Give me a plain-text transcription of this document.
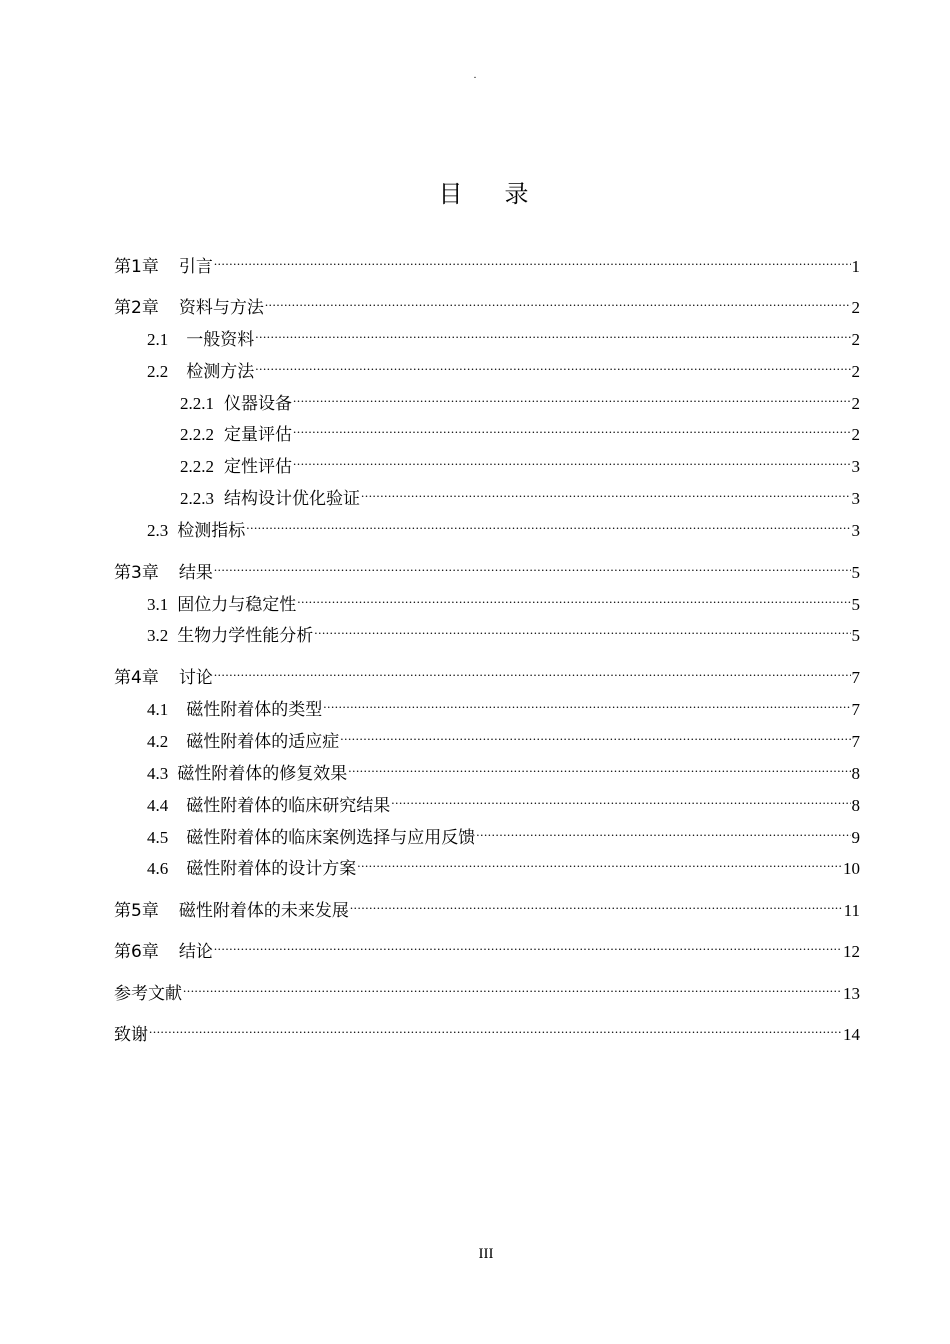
.
目 录
第1章 引言 .....	1
第2章 资料与方法 .....	2
2.1 一般资料 .....	2
2.2 检测方法 .....	2
2.2.1 仪器设备 .....	2
2.2.2 定量评估 .....	2
2.2.2 定性评估 .....	3
2.2.3 结构设计优化验证 .....	3
2.3 检测指标 .....	3
第3章 结果 .....	5
3.1 固位力与稳定性 .....	5
3.2 生物力学性能分析 .....	5
第4章 讨论 .....	7
4.1 磁性附着体的类型 .....	7
4.2 磁性附着体的适应症 .....	7
4.3 磁性附着体的修复效果 .....	8
4.4 磁性附着体的临床研究结果 .....	8
4.5 磁性附着体的临床案例选择与应用反馈 .....	9
4.6 磁性附着体的设计方案 .....	10
第5章 磁性附着体的未来发展 .....	11
第6章 结论 .....	12
参考文献 .....	13
致谢 .....	14
III
